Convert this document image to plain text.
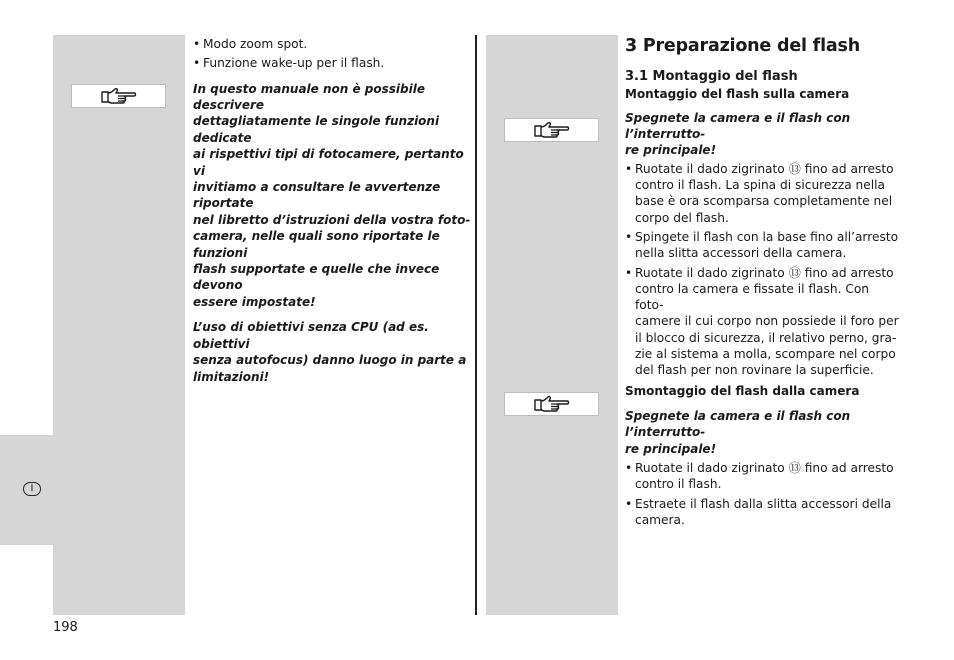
I
• Modo zoom spot.
• Funzione wake-up per il flash.
In questo manuale non è possibile descrivere
dettagliatamente le singole funzioni dedicate
ai rispettivi tipi di fotocamere, pertanto vi
invitiamo a consultare le avvertenze riportate
nel libretto d’istruzioni della vostra foto-
camera, nelle quali sono riportate le funzioni
flash supportate e quelle che invece devono
essere impostate!
L’uso di obiettivi senza CPU (ad es. obiettivi
senza autofocus) danno luogo in parte a
limitazioni!
3 Preparazione del flash
3.1 Montaggio del flash
Montaggio del flash sulla camera
Spegnete la camera e il flash con l’interrutto-
re principale!
• Ruotate il dado zigrinato ⑬ fino ad arresto
contro il flash. La spina di sicurezza nella
base è ora scomparsa completamente nel
corpo del flash.
• Spingete il flash con la base fino all’arresto
nella slitta accessori della camera.
• Ruotate il dado zigrinato ⑬ fino ad arresto
contro la camera e fissate il flash. Con foto-
camere il cui corpo non possiede il foro per
il blocco di sicurezza, il relativo perno, gra-
zie al sistema a molla, scompare nel corpo
del flash per non rovinare la superficie.
Smontaggio del flash dalla camera
Spegnete la camera e il flash con l’interrutto-
re principale!
• Ruotate il dado zigrinato ⑬ fino ad arresto
contro il flash.
• Estraete il flash dalla slitta accessori della
camera.
198
